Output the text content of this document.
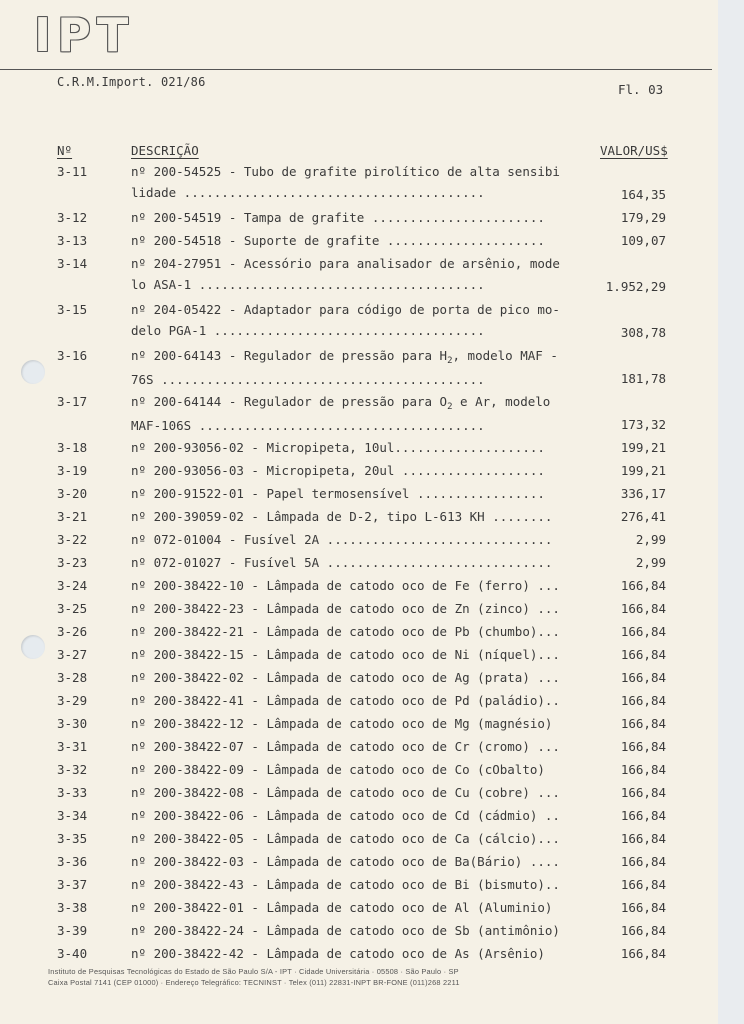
IPT
C.R.M.Import. 021/86	Fl. 03
Nº	DESCRIÇÃO	VALOR/US$
3-11	nº 200-54525 - Tubo de grafite pirolítico de alta sensibi
lidade ........................................	164,35
3-12	nº 200-54519 - Tampa de grafite .......................	179,29
3-13	nº 200-54518 - Suporte de grafite .....................	109,07
3-14	nº 204-27951 - Acessório para analisador de arsênio, mode
lo ASA-1 ......................................	1.952,29
3-15	nº 204-05422 - Adaptador para código de porta de pico mo-
delo PGA-1 ....................................	308,78
3-16	nº 200-64143 - Regulador de pressão para $H_2$, modelo MAF -
76S ...........................................	181,78
3-17	nº 200-64144 - Regulador de pressão para $O_2$ e Ar, modelo
MAF-106S ......................................	173,32
3-18	nº 200-93056-02 - Micropipeta, 10ul....................	199,21
3-19	nº 200-93056-03 - Micropipeta, 20ul ...................	199,21
3-20	nº 200-91522-01 - Papel termosensível .................	336,17
3-21	nº 200-39059-02 - Lâmpada de D-2, tipo L-613 KH ........	276,41
3-22	nº 072-01004 - Fusível 2A ..............................	2,99
3-23	nº 072-01027 - Fusível 5A ..............................	2,99
3-24	nº 200-38422-10 - Lâmpada de catodo oco de Fe (ferro) ...	166,84
3-25	nº 200-38422-23 - Lâmpada de catodo oco de Zn (zinco) ...	166,84
3-26	nº 200-38422-21 - Lâmpada de catodo oco de Pb (chumbo)...	166,84
3-27	nº 200-38422-15 - Lâmpada de catodo oco de Ni (níquel)...	166,84
3-28	nº 200-38422-02 - Lâmpada de catodo oco de Ag (prata) ...	166,84
3-29	nº 200-38422-41 - Lâmpada de catodo oco de Pd (paládio)..	166,84
3-30	nº 200-38422-12 - Lâmpada de catodo oco de Mg (magnésio)	166,84
3-31	nº 200-38422-07 - Lâmpada de catodo oco de Cr (cromo) ...	166,84
3-32	nº 200-38422-09 - Lâmpada de catodo oco de Co (cObalto)	166,84
3-33	nº 200-38422-08 - Lâmpada de catodo oco de Cu (cobre) ...	166,84
3-34	nº 200-38422-06 - Lâmpada de catodo oco de Cd (cádmio) ..	166,84
3-35	nº 200-38422-05 - Lâmpada de catodo oco de Ca (cálcio)...	166,84
3-36	nº 200-38422-03 - Lâmpada de catodo oco de Ba(Bário) ....	166,84
3-37	nº 200-38422-43 - Lâmpada de catodo oco de Bi (bismuto)..	166,84
3-38	nº 200-38422-01 - Lâmpada de catodo oco de Al (Aluminio)	166,84
3-39	nº 200-38422-24 - Lâmpada de catodo oco de Sb (antimônio)	166,84
3-40	nº 200-38422-42 - Lâmpada de catodo oco de As (Arsênio)	166,84
Instituto de Pesquisas Tecnológicas do Estado de São Paulo S/A - IPT · Cidade Universitária · 05508 · São Paulo · SP
Caixa Postal 7141 (CEP 01000) · Endereço Telegráfico: TECNINST · Telex (011) 22831-INPT BR-FONE (011)268 2211
